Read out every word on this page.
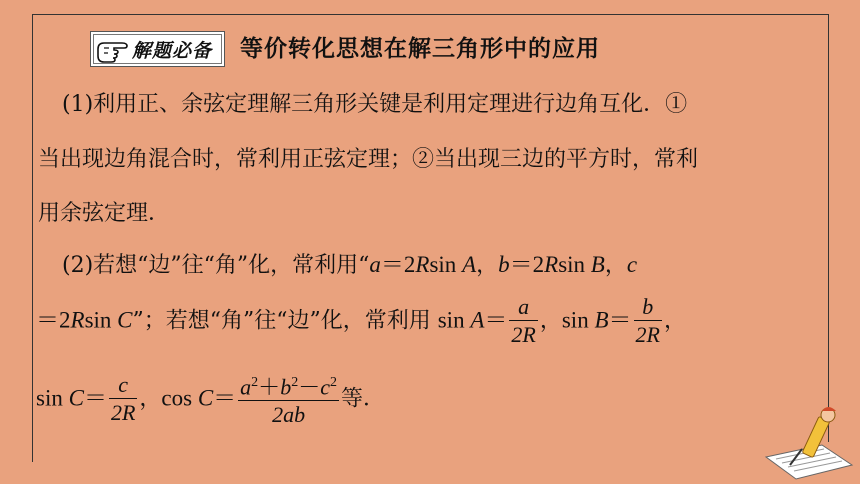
解题必备 等价转化思想在解三角形中的应用
(1)利用正、余弦定理解三角形关键是利用定理进行边角互化．①
当出现边角混合时，常利用正弦定理；②当出现三边的平方时，常利
用余弦定理．
(2)若想“边”往“角”化，常利用“a＝2Rsin A，b＝2Rsin B，c
＝2Rsin C”；若想“角”往“边”化，常利用 $\sin A= \frac{a}{2R}$ ，$\sin B= \frac{b}{2R}$ ，
$\sin C= \frac{c}{2R}$ ，$\cos C= \frac{a^2+b^2-c^2}{2ab}$ 等．
